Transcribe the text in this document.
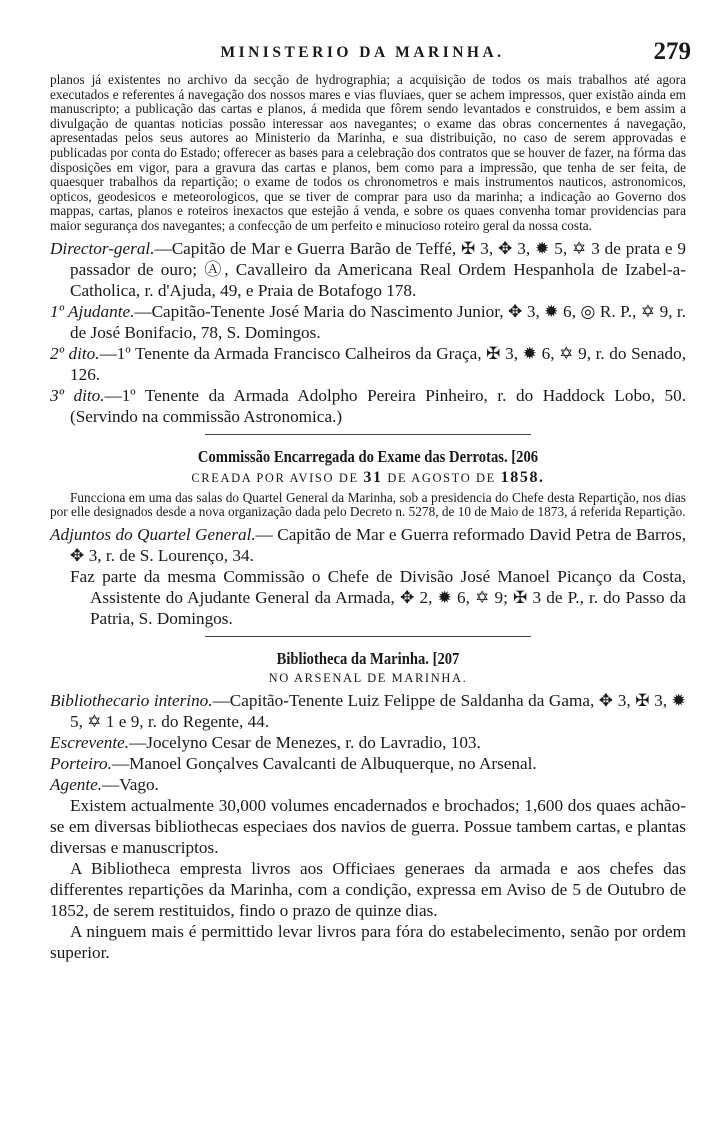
MINISTERIO DA MARINHA.	279

planos já existentes no archivo da secção de hydrographia; a acquisição de todos os mais trabalhos até agora executados e referentes á navegação dos nossos mares e vias fluviaes, quer se achem impressos, quer existão ainda em manuscripto; a publicação das cartas e planos, á medida que fôrem sendo levantados e construidos, e bem assim a divulgação de quantas noticias possão interessar aos navegantes; o exame das obras concernentes á navegação, apresentadas pelos seus autores ao Ministerio da Marinha, e sua distribuição, no caso de serem approvadas e publicadas por conta do Estado; offerecer as bases para a celebração dos contratos que se houver de fazer, na fórma das disposições em vigor, para a gravura das cartas e planos, bem como para a impressão, que tenha de ser feita, de quaesquer trabalhos da repartição; o exame de todos os chronometros e mais instrumentos nauticos, astronomicos, opticos, geodesicos e meteorologicos, que se tiver de comprar para uso da marinha; a indicação ao Governo dos mappas, cartas, planos e roteiros inexactos que estejão á venda, e sobre os quaes convenha tomar providencias para maior segurança dos navegantes; a confecção de um perfeito e minucioso roteiro geral da nossa costa.

Director-geral.—Capitão de Mar e Guerra Barão de Teffé, ✠ 3, ✥ 3, ✹ 5, ✡ 3 de prata e 9 passador de ouro; Ⓐ, Cavalleiro da Americana Real Ordem Hespanhola de Izabel-a-Catholica, r. d'Ajuda, 49, e Praia de Botafogo 178.

1º Ajudante.—Capitão-Tenente José Maria do Nascimento Junior, ✥ 3, ✹ 6, ◎ R. P., ✡ 9, r. de José Bonifacio, 78, S. Domingos.

2º dito.—1º Tenente da Armada Francisco Calheiros da Graça, ✠ 3, ✹ 6, ✡ 9, r. do Senado, 126.

3º dito.—1º Tenente da Armada Adolpho Pereira Pinheiro, r. do Haddock Lobo, 50. (Servindo na commissão Astronomica.)

Commissão Encarregada do Exame das Derrotas. [206
CREADA POR AVISO DE 31 DE AGOSTO DE 1858.

Funcciona em uma das salas do Quartel General da Marinha, sob a presidencia do Chefe desta Repartição, nos dias por elle designados desde a nova organização dada pelo Decreto n. 5278, de 10 de Maio de 1873, á referida Repartição.

Adjuntos do Quartel General.— Capitão de Mar e Guerra reformado David Petra de Barros, ✥ 3, r. de S. Lourenço, 34.

Faz parte da mesma Commissão o Chefe de Divisão José Manoel Picanço da Costa, Assistente do Ajudante General da Armada, ✥ 2, ✹ 6, ✡ 9; ✠ 3 de P., r. do Passo da Patria, S. Domingos.

Bibliotheca da Marinha. [207
NO ARSENAL DE MARINHA.

Bibliothecario interino.—Capitão-Tenente Luiz Felippe de Saldanha da Gama, ✥ 3, ✠ 3, ✹ 5, ✡ 1 e 9, r. do Regente, 44.

Escrevente.—Jocelyno Cesar de Menezes, r. do Lavradio, 103.

Porteiro.—Manoel Gonçalves Cavalcanti de Albuquerque, no Arsenal.

Agente.—Vago.

Existem actualmente 30,000 volumes encadernados e brochados; 1,600 dos quaes achão-se em diversas bibliothecas especiaes dos navios de guerra. Possue tambem cartas, e plantas diversas e manuscriptos.

A Bibliotheca empresta livros aos Officiaes generaes da armada e aos chefes das differentes repartições da Marinha, com a condição, expressa em Aviso de 5 de Outubro de 1852, de serem restituidos, findo o prazo de quinze dias.

A ninguem mais é permittido levar livros para fóra do estabelecimento, senão por ordem superior.
